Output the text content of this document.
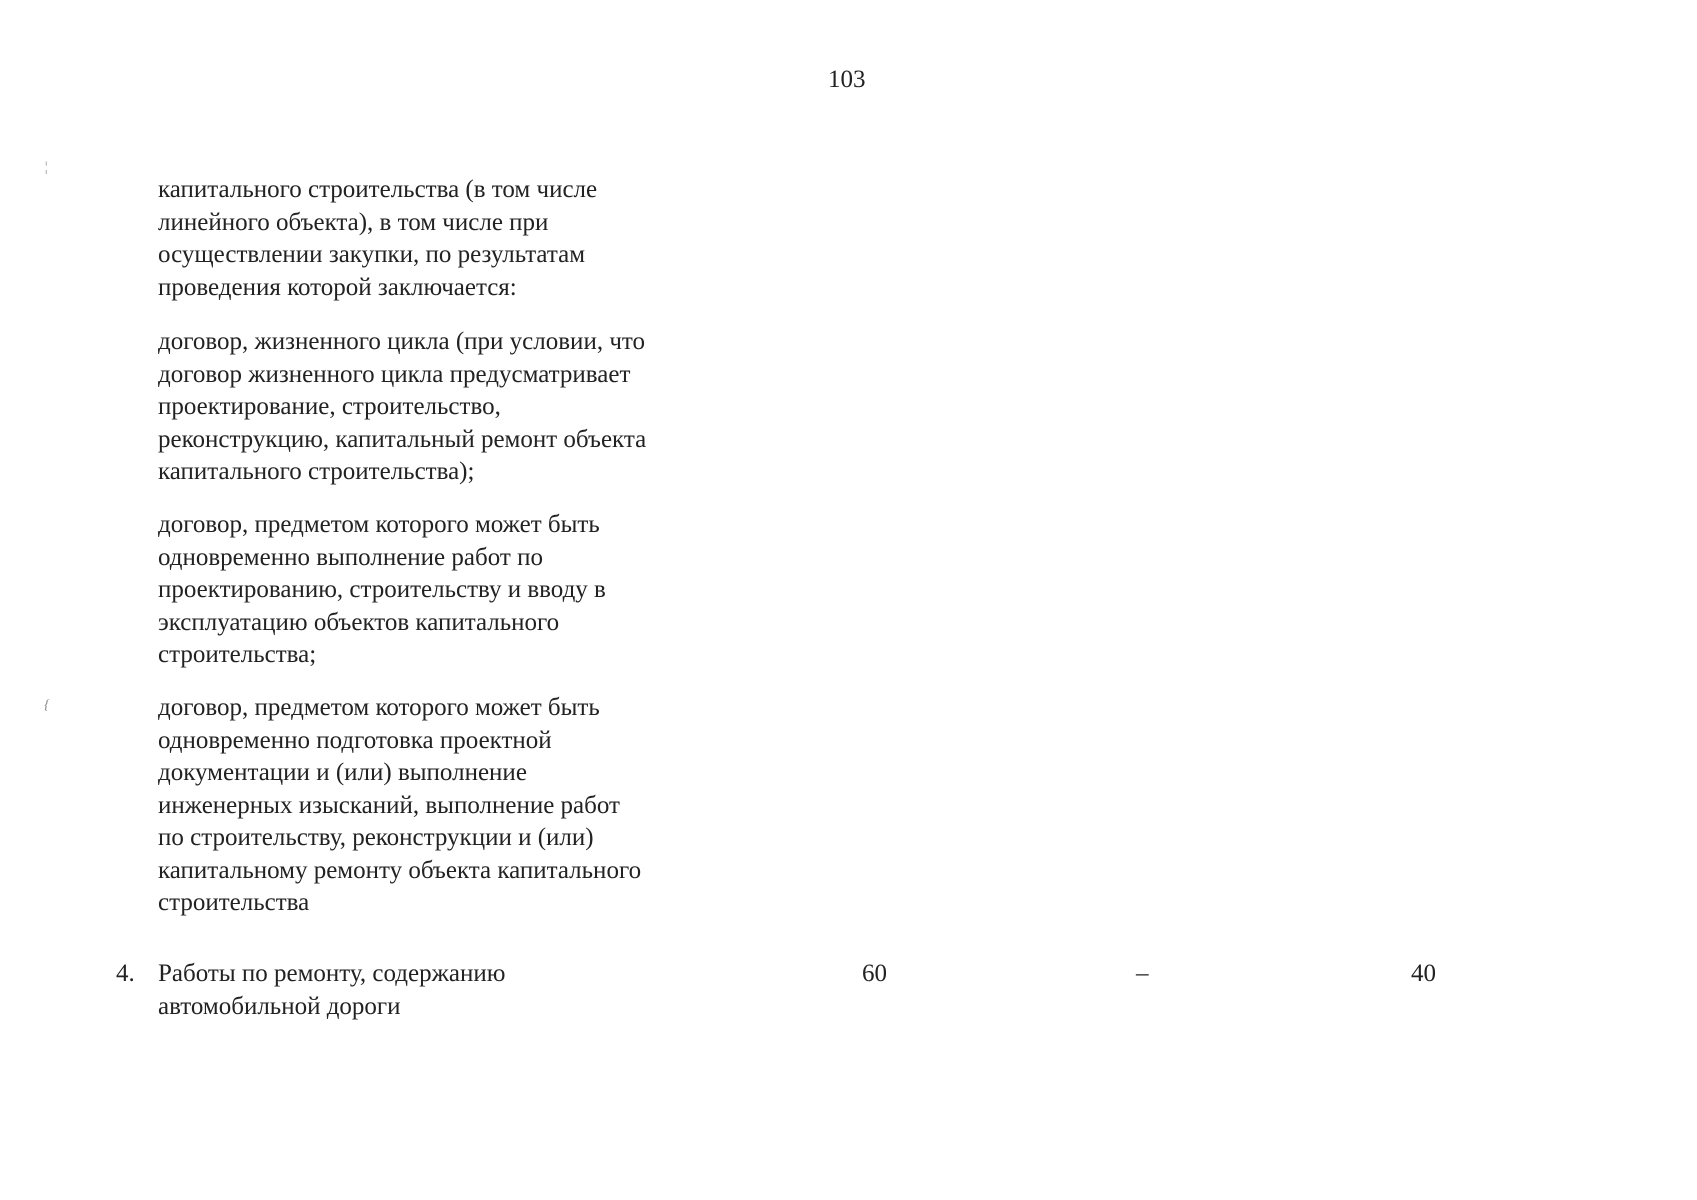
103
¦
{
капитального строительства (в том числе
линейного объекта), в том числе при
осуществлении закупки, по результатам
проведения которой заключается:
договор, жизненного цикла (при условии, что
договор жизненного цикла предусматривает
проектирование, строительство,
реконструкцию, капитальный ремонт объекта
капитального строительства);
договор, предметом которого может быть
одновременно выполнение работ по
проектированию, строительству и вводу в
эксплуатацию объектов капитального
строительства;
договор, предметом которого может быть
одновременно подготовка проектной
документации и (или) выполнение
инженерных изысканий, выполнение работ
по строительству, реконструкции и (или)
капитальному ремонту объекта капитального
строительства
4. Работы по ремонту, содержанию
автомобильной дороги
60	–	40
